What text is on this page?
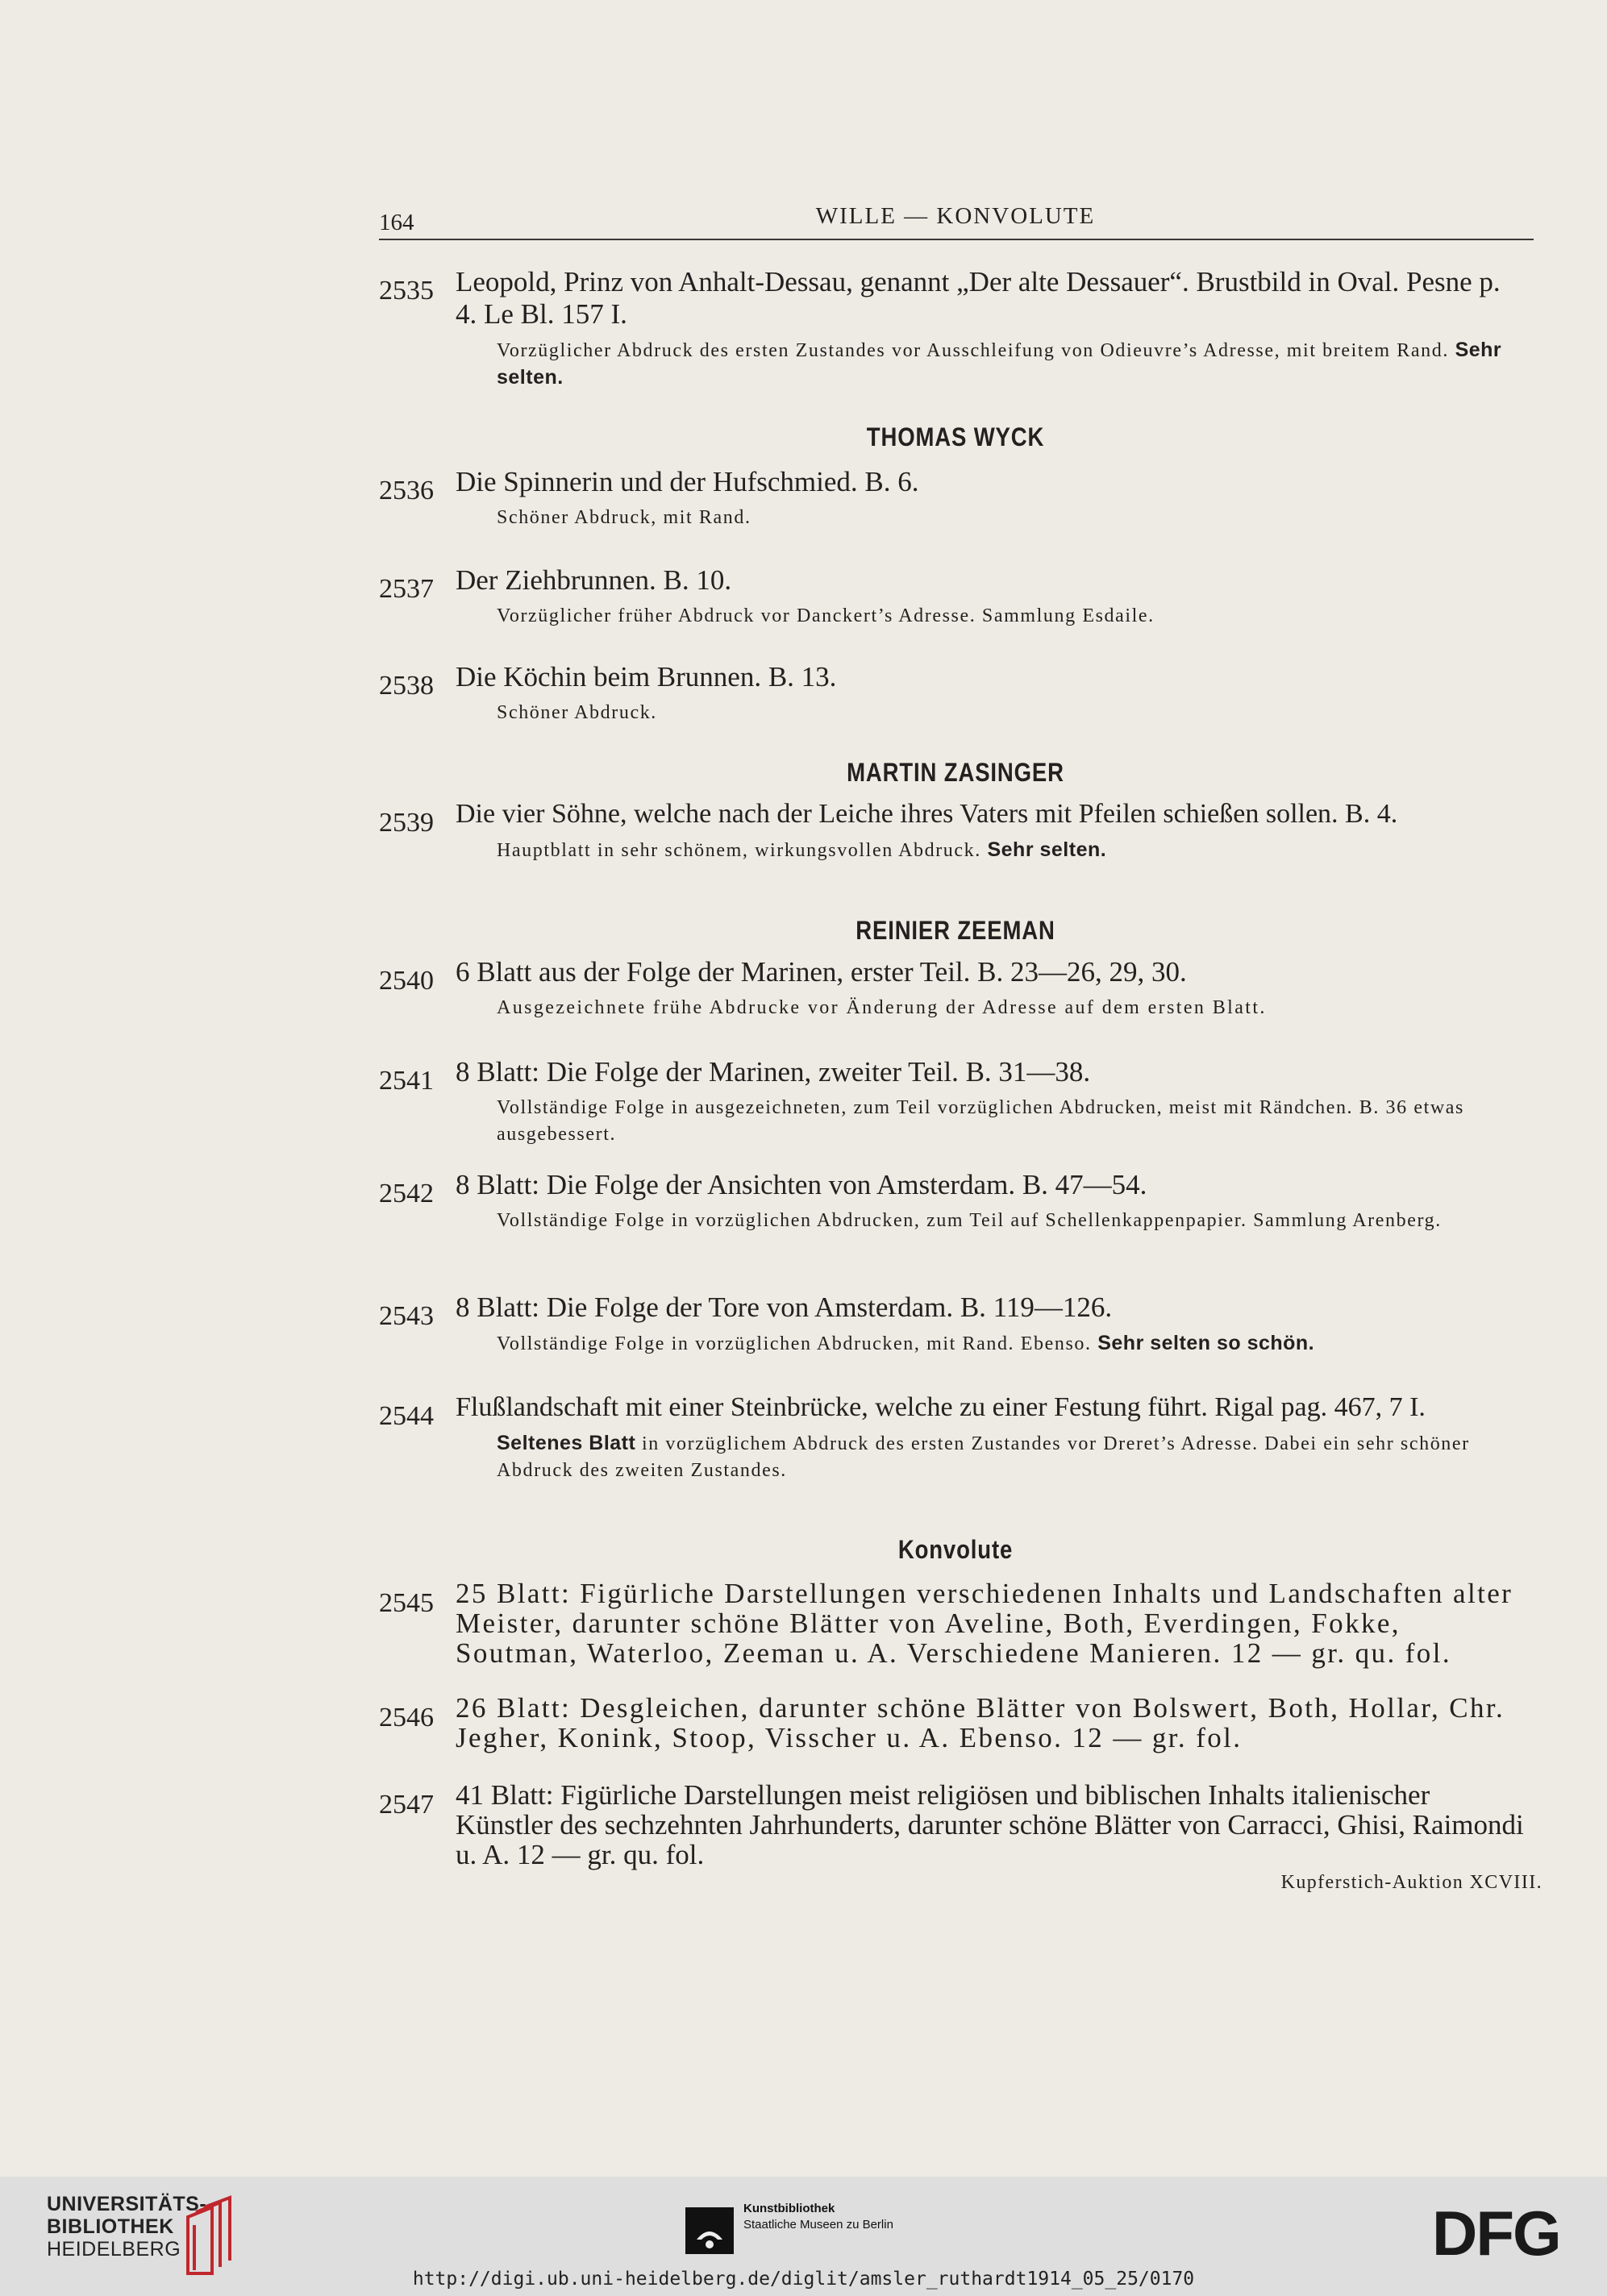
164	WILLE — KONVOLUTE
2535 Leopold, Prinz von Anhalt-Dessau, genannt „Der alte Dessauer“. Brustbild in Oval. Pesne p. 4. Le Bl. 157 I.
Vorzüglicher Abdruck des ersten Zustandes vor Ausschleifung von Odieuvre’s Adresse, mit breitem Rand. Sehr selten.
THOMAS WYCK
2536 Die Spinnerin und der Hufschmied. B. 6.
Schöner Abdruck, mit Rand.
2537 Der Ziehbrunnen. B. 10.
Vorzüglicher früher Abdruck vor Danckert’s Adresse. Sammlung Esdaile.
2538 Die Köchin beim Brunnen. B. 13.
Schöner Abdruck.
MARTIN ZASINGER
2539 Die vier Söhne, welche nach der Leiche ihres Vaters mit Pfeilen schießen sollen. B. 4.
Hauptblatt in sehr schönem, wirkungsvollen Abdruck. Sehr selten.
REINIER ZEEMAN
2540 6 Blatt aus der Folge der Marinen, erster Teil. B. 23—26, 29, 30.
Ausgezeichnete frühe Abdrucke vor Änderung der Adresse auf dem ersten Blatt.
2541 8 Blatt: Die Folge der Marinen, zweiter Teil. B. 31—38.
Vollständige Folge in ausgezeichneten, zum Teil vorzüglichen Abdrucken, meist mit Rändchen. B. 36 etwas ausgebessert.
2542 8 Blatt: Die Folge der Ansichten von Amsterdam. B. 47—54.
Vollständige Folge in vorzüglichen Abdrucken, zum Teil auf Schellenkappenpapier. Sammlung Arenberg.
2543 8 Blatt: Die Folge der Tore von Amsterdam. B. 119—126.
Vollständige Folge in vorzüglichen Abdrucken, mit Rand. Ebenso. Sehr selten so schön.
2544 Flußlandschaft mit einer Steinbrücke, welche zu einer Festung führt. Rigal pag. 467, 7 I.
Seltenes Blatt in vorzüglichem Abdruck des ersten Zustandes vor Dreret’s Adresse. Dabei ein sehr schöner Abdruck des zweiten Zustandes.
Konvolute
2545 25 Blatt: Figürliche Darstellungen verschiedenen Inhalts und Landschaften alter Meister, darunter schöne Blätter von Aveline, Both, Everdingen, Fokke, Soutman, Waterloo, Zeeman u. A. Verschiedene Manieren. 12 — gr. qu. fol.
2546 26 Blatt: Desgleichen, darunter schöne Blätter von Bolswert, Both, Hollar, Chr. Jegher, Konink, Stoop, Visscher u. A. Ebenso. 12 — gr. fol.
2547 41 Blatt: Figürliche Darstellungen meist religiösen und biblischen Inhalts italienischer Künstler des sechzehnten Jahrhunderts, darunter schöne Blätter von Carracci, Ghisi, Raimondi u. A. 12 — gr. qu. fol.
Kupferstich-Auktion XCVIII.
UNIVERSITÄTS-
BIBLIOTHEK
HEIDELBERG
Kunstbibliothek
Staatliche Museen zu Berlin	DFG
http://digi.ub.uni-heidelberg.de/diglit/amsler_ruthardt1914_05_25/0170
